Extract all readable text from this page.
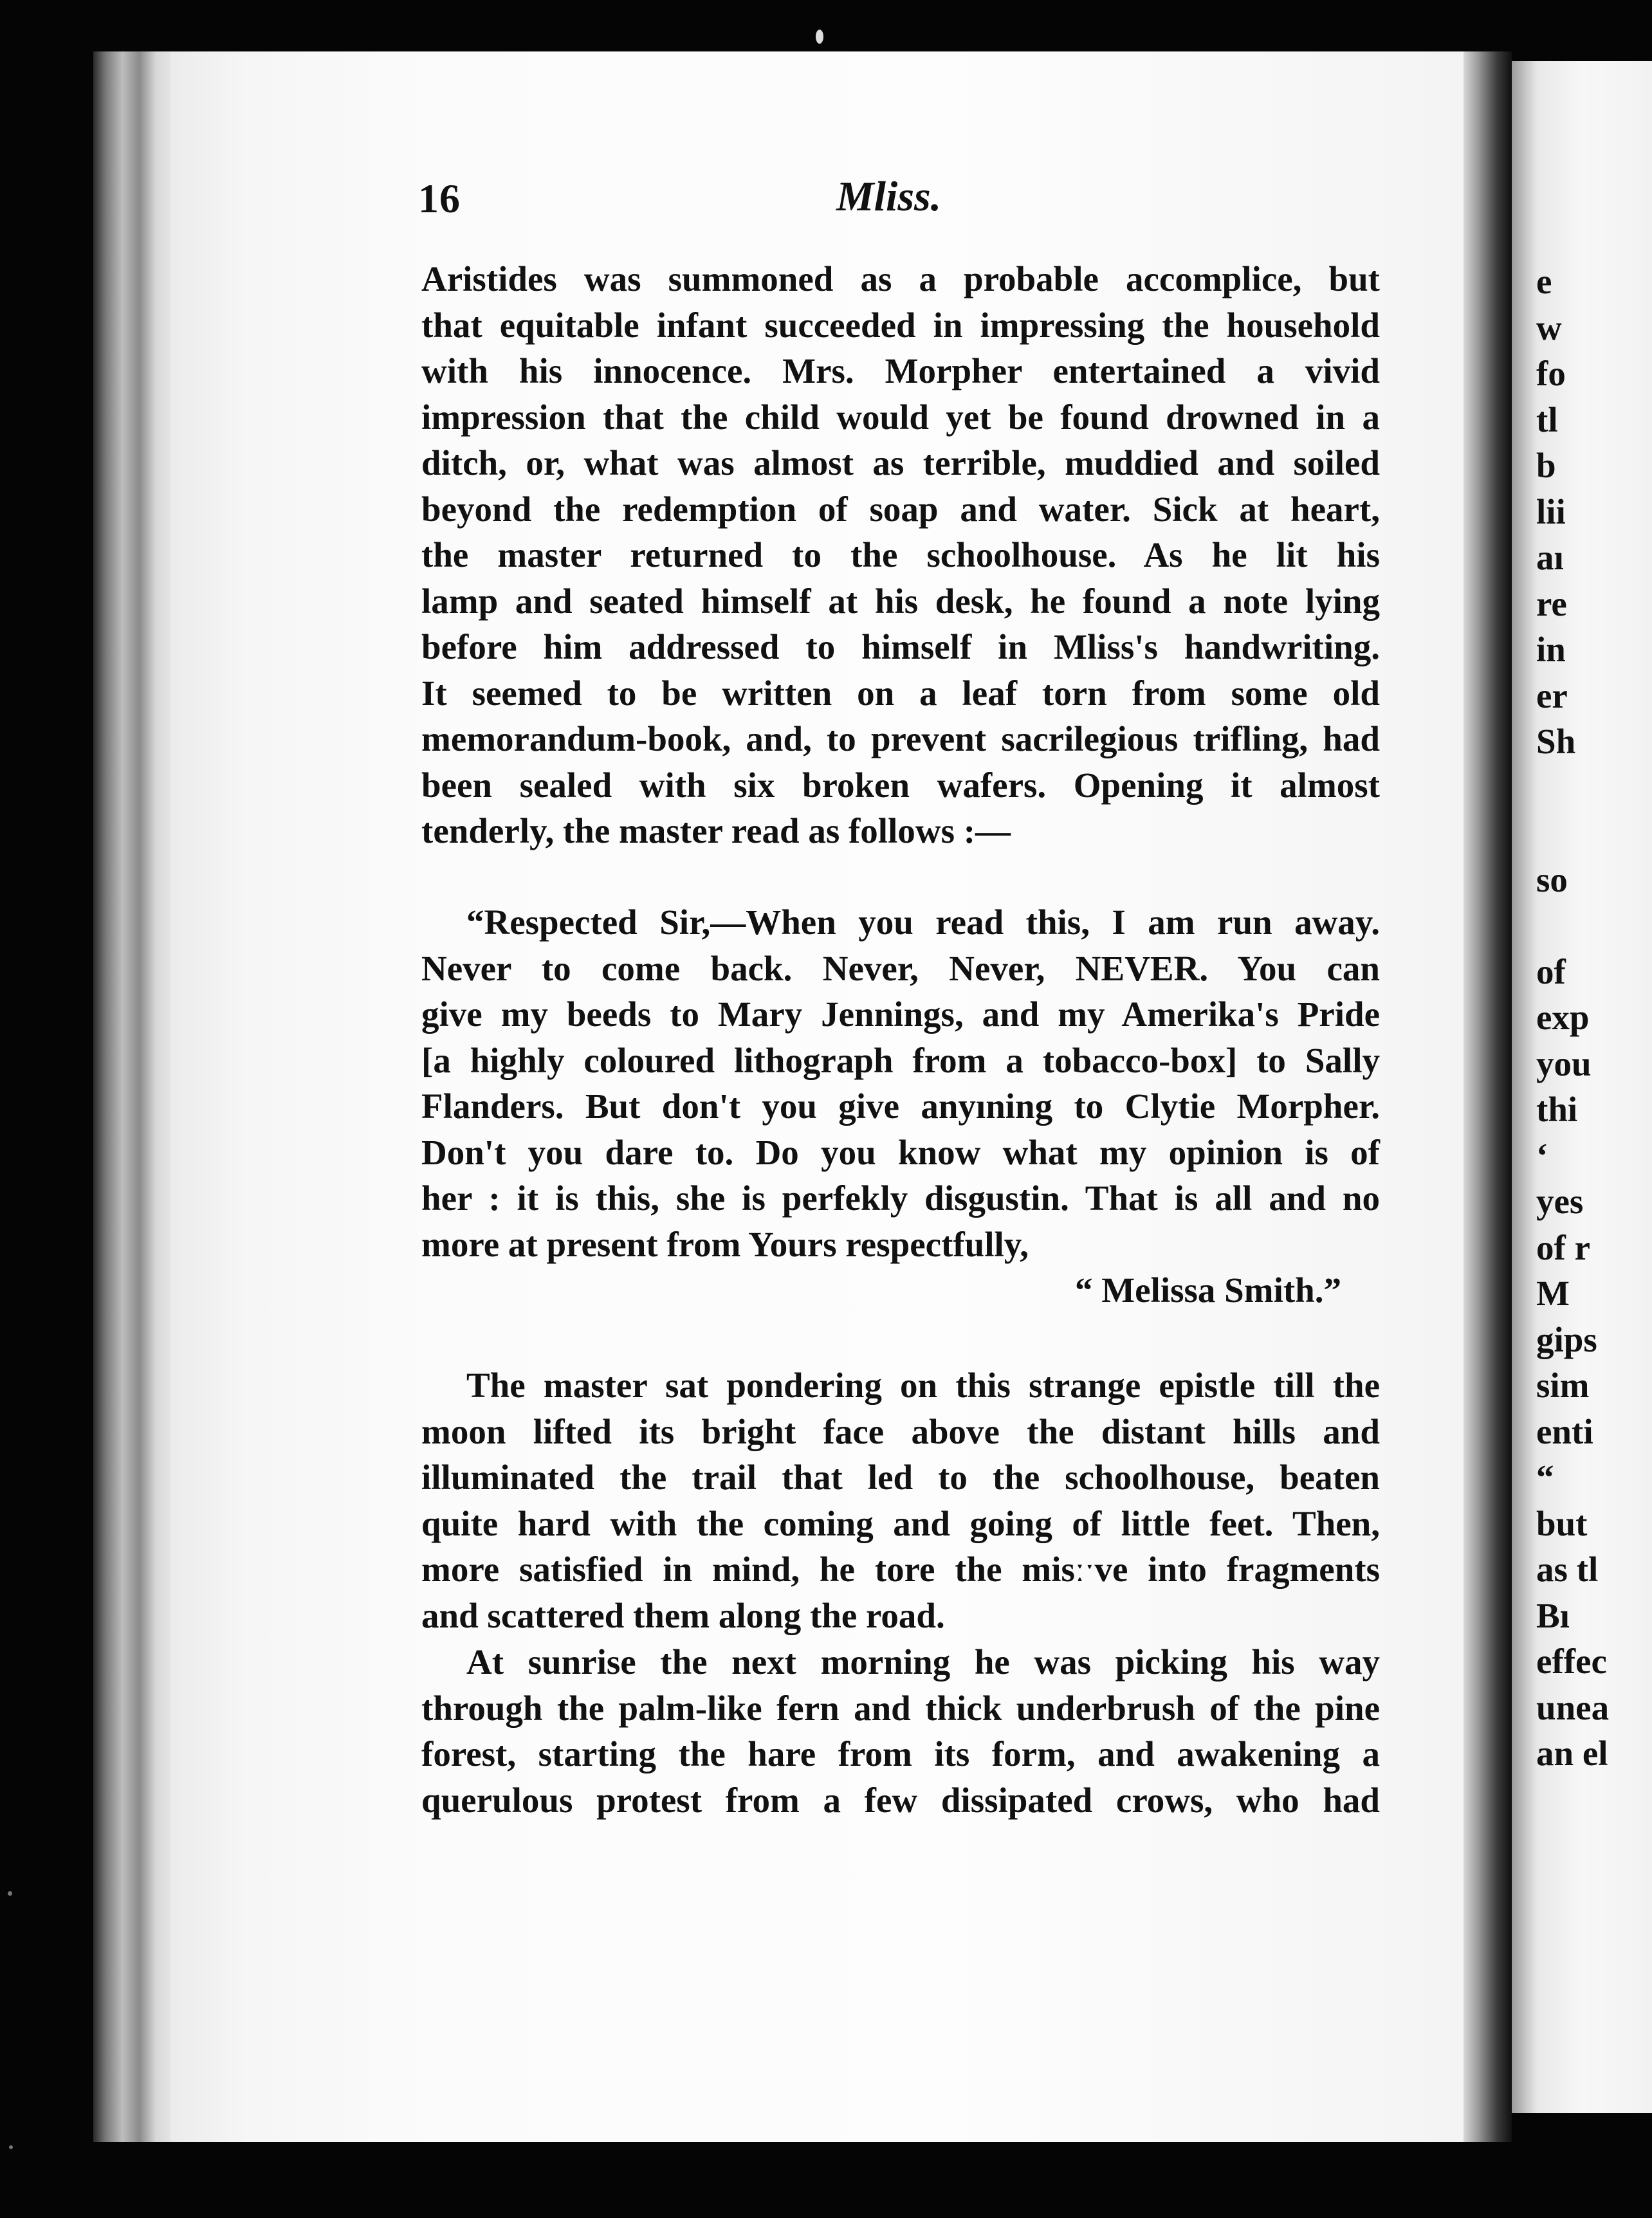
16	Mliss.
Aristides was summoned as a probable accomplice, but
that equitable infant succeeded in impressing the household
with his innocence. Mrs. Morpher entertained a vivid
impression that the child would yet be found drowned in a
ditch, or, what was almost as terrible, muddied and soiled
beyond the redemption of soap and water. Sick at heart,
the master returned to the schoolhouse. As he lit his
lamp and seated himself at his desk, he found a note lying
before him addressed to himself in Mliss's handwriting.
It seemed to be written on a leaf torn from some old
memorandum-book, and, to prevent sacrilegious trifling, had
been sealed with six broken wafers. Opening it almost
tenderly, the master read as follows :—
“Respected Sir,—When you read this, I am run away.
Never to come back. Never, Never, NEVER. You can
give my beeds to Mary Jennings, and my Amerika's Pride
[a highly coloured lithograph from a tobacco-box] to Sally
Flanders. But don't you give anyıning to Clytie Morpher.
Don't you dare to. Do you know what my opinion is of
her : it is this, she is perfekly disgustin. That is all and no
more at present from Yours respectfully,
“ Melissa Smith.”
The master sat pondering on this strange epistle till the
moon lifted its bright face above the distant hills and
illuminated the trail that led to the schoolhouse, beaten
quite hard with the coming and going of little feet. Then,
more satisfied in mind, he tore the misːˑve into fragments
and scattered them along the road.
At sunrise the next morning he was picking his way
through the palm-like fern and thick underbrush of the pine
forest, starting the hare from its form, and awakening a
querulous protest from a few dissipated crows, who had
e
w
fo
tl
b
lii
aı
re
in
er
Sh
so
of
exp
you
thi
‘
yes
of r
M
gips
sim
enti
“
but
as tl
Bı
effec
unea
an el
